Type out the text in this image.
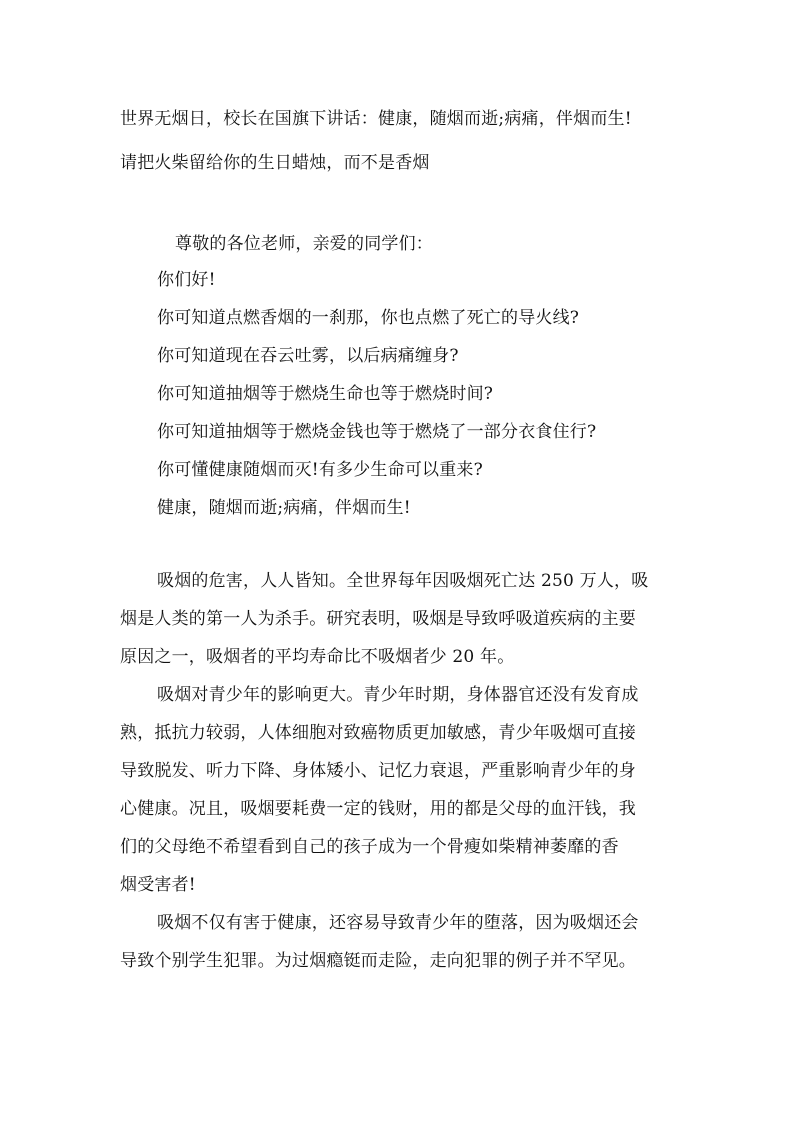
世界无烟日，校长在国旗下讲话：健康，随烟而逝;病痛，伴烟而生!
请把火柴留给你的生日蜡烛，而不是香烟
尊敬的各位老师，亲爱的同学们：
你们好!
你可知道点燃香烟的一刹那，你也点燃了死亡的导火线?
你可知道现在吞云吐雾，以后病痛缠身?
你可知道抽烟等于燃烧生命也等于燃烧时间?
你可知道抽烟等于燃烧金钱也等于燃烧了一部分衣食住行?
你可懂健康随烟而灭!有多少生命可以重来?
健康，随烟而逝;病痛，伴烟而生!
吸烟的危害，人人皆知。全世界每年因吸烟死亡达 250 万人，吸
烟是人类的第一人为杀手。研究表明，吸烟是导致呼吸道疾病的主要
原因之一，吸烟者的平均寿命比不吸烟者少 20 年。
吸烟对青少年的影响更大。青少年时期，身体器官还没有发育成
熟，抵抗力较弱，人体细胞对致癌物质更加敏感，青少年吸烟可直接
导致脱发、听力下降、身体矮小、记忆力衰退，严重影响青少年的身
心健康。况且，吸烟要耗费一定的钱财，用的都是父母的血汗钱，我
们的父母绝不希望看到自己的孩子成为一个骨瘦如柴精神萎靡的香
烟受害者!
吸烟不仅有害于健康，还容易导致青少年的堕落，因为吸烟还会
导致个别学生犯罪。为过烟瘾铤而走险，走向犯罪的例子并不罕见。
